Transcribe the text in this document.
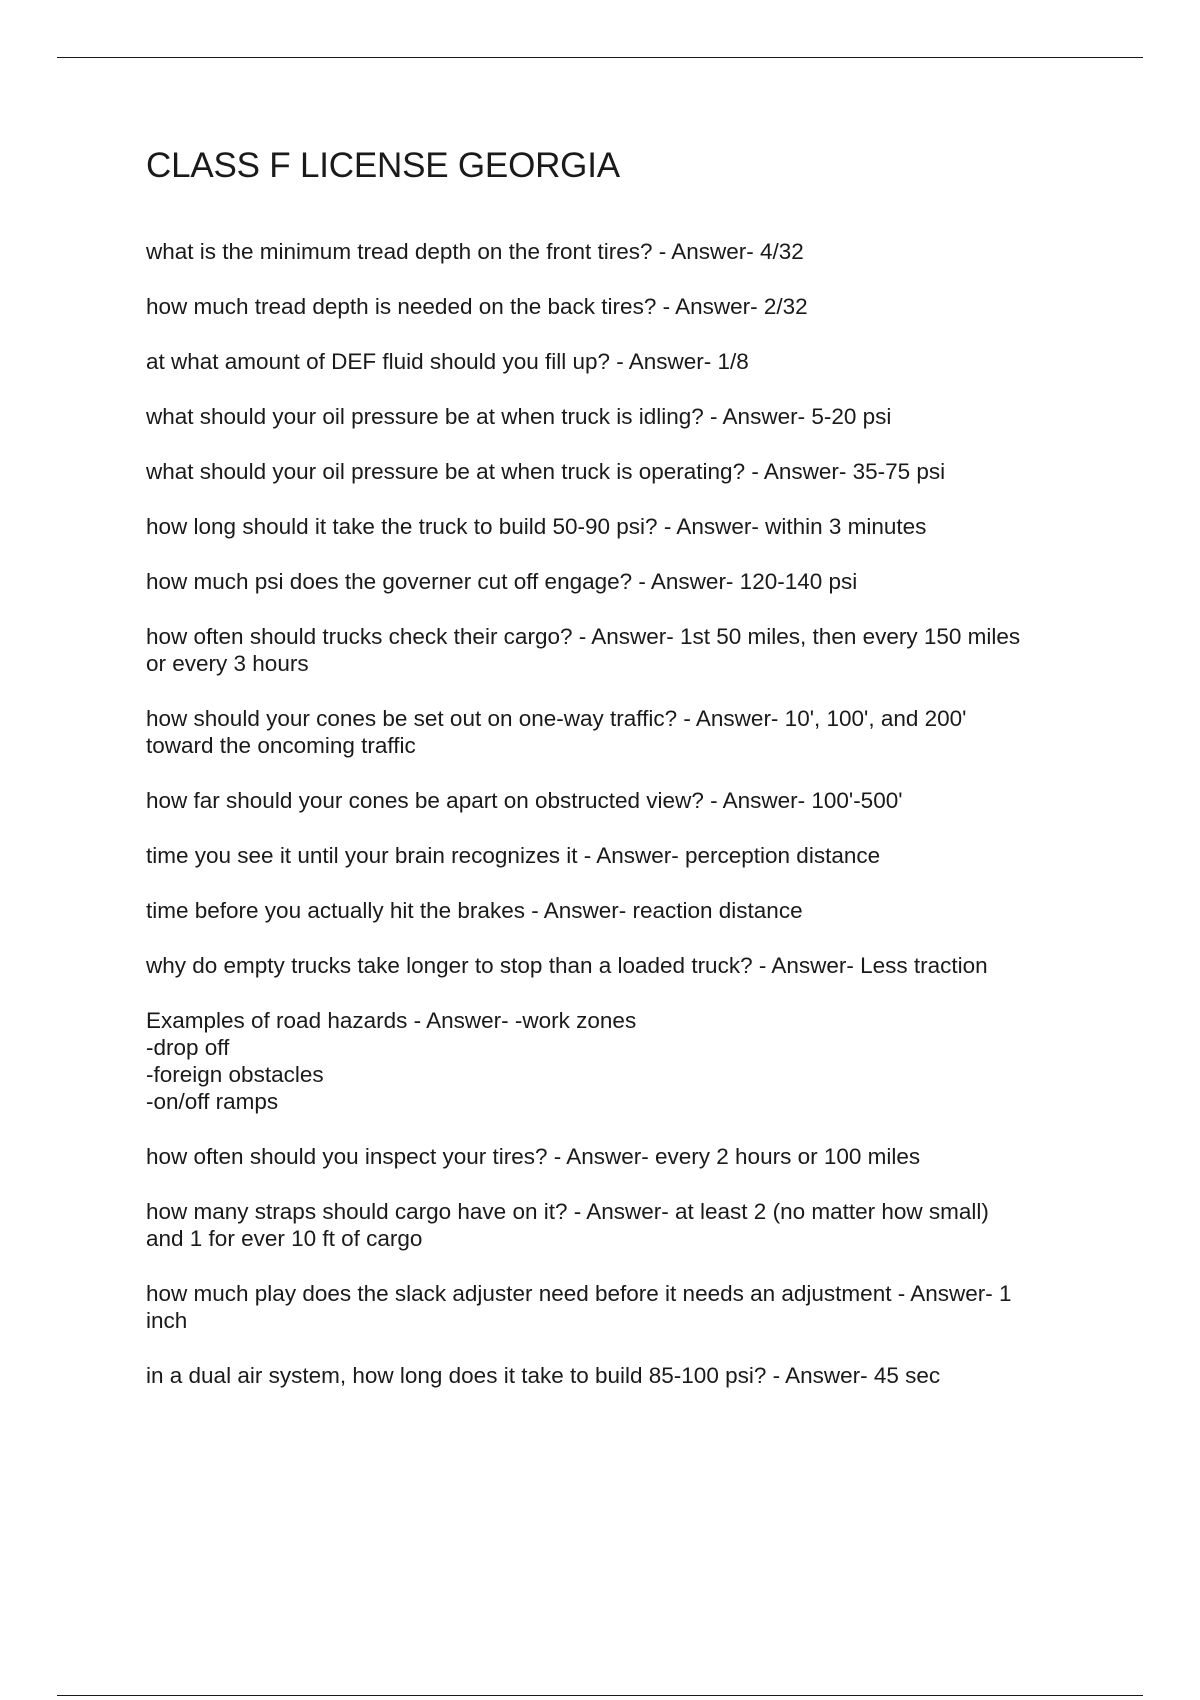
CLASS F LICENSE GEORGIA

what is the minimum tread depth on the front tires? - Answer- 4/32

how much tread depth is needed on the back tires? - Answer- 2/32

at what amount of DEF fluid should you fill up? - Answer- 1/8

what should your oil pressure be at when truck is idling? - Answer- 5-20 psi

what should your oil pressure be at when truck is operating? - Answer- 35-75 psi

how long should it take the truck to build 50-90 psi? - Answer- within 3 minutes

how much psi does the governer cut off engage? - Answer- 120-140 psi

how often should trucks check their cargo? - Answer- 1st 50 miles, then every 150 miles
or every 3 hours

how should your cones be set out on one-way traffic? - Answer- 10', 100', and 200'
toward the oncoming traffic

how far should your cones be apart on obstructed view? - Answer- 100'-500'

time you see it until your brain recognizes it - Answer- perception distance

time before you actually hit the brakes - Answer- reaction distance

why do empty trucks take longer to stop than a loaded truck? - Answer- Less traction

Examples of road hazards - Answer- -work zones
-drop off
-foreign obstacles
-on/off ramps

how often should you inspect your tires? - Answer- every 2 hours or 100 miles

how many straps should cargo have on it? - Answer- at least 2 (no matter how small)
and 1 for ever 10 ft of cargo

how much play does the slack adjuster need before it needs an adjustment - Answer- 1
inch

in a dual air system, how long does it take to build 85-100 psi? - Answer- 45 sec
